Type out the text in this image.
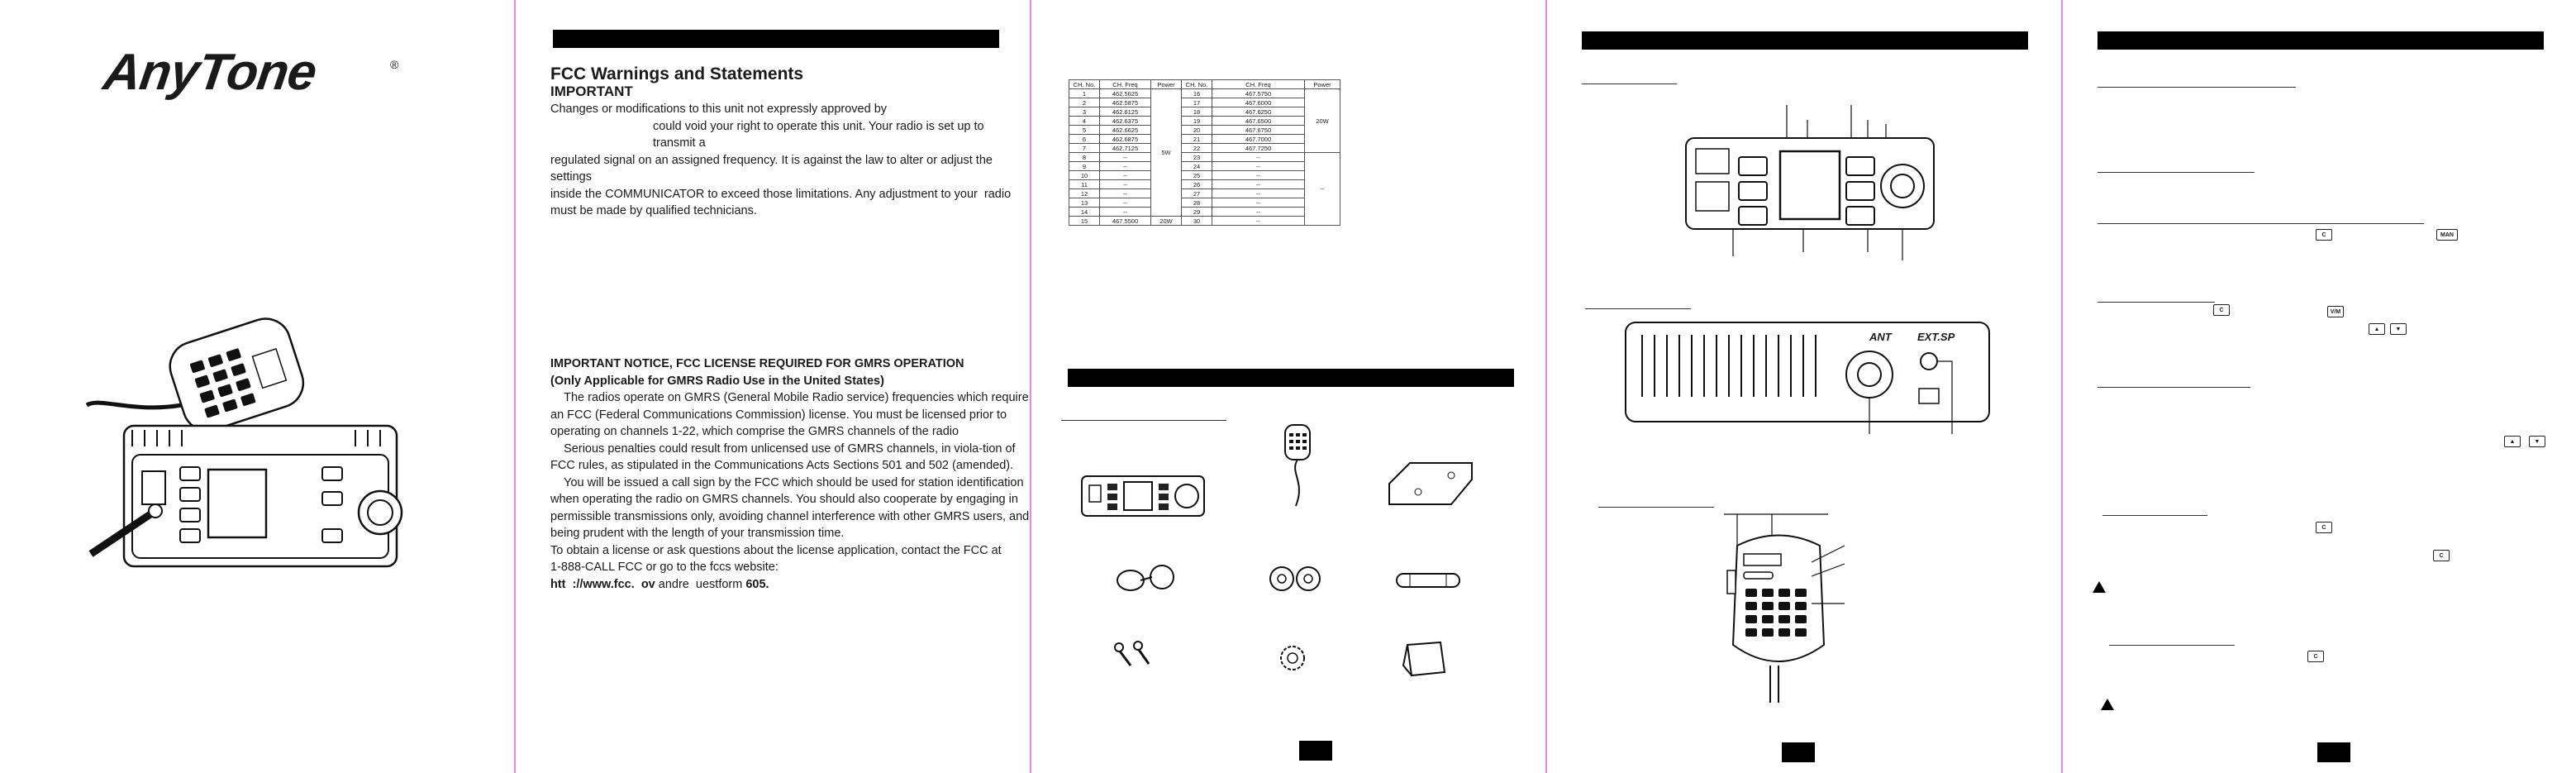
AnyTone	®	FCC Warnings and Statements
IMPORTANT

Changes or modifications to this unit not expressly approved by

could void your right to operate this unit. Your radio is set up to transmit a

regulated signal on an assigned frequency. It is against the law to alter or adjust the settings

inside the COMMUNICATOR to exceed those limitations. Any adjustment to your  radio

must be made by qualified technicians.

IMPORTANT NOTICE, FCC LICENSE REQUIRED FOR GMRS OPERATION

(Only Applicable for GMRS Radio Use in the United States)

The radios operate on GMRS (General Mobile Radio service) frequencies which require

an FCC (Federal Communications Commission) license. You must be licensed prior to

operating on channels 1-22, which comprise the GMRS channels of the radio

Serious penalties could result from unlicensed use of GMRS channels, in viola-tion of

FCC rules, as stipulated in the Communications Acts Sections 501 and 502 (amended).

You will be issued a call sign by the FCC which should be used for station identification

when operating the radio on GMRS channels. You should also cooperate by engaging in

permissible transmissions only, avoiding channel interference with other GMRS users, and

being prudent with the length of your transmission time.

To obtain a license or ask questions about the license application, contact the FCC at

1-888-CALL FCC or go to the fccs website:

htt  ://www.fcc.  ov andre  uestform 605.

CH. No.	CH. Freq	Power	CH. No.	CH. Freq	Power
1	462.5625	5W	16	467.5750	20W
2	462.5875		17	467.6000	
3	462.6125		18	467.6250	
4	462.6375		19	467.6500	
5	462.6625		20	467.6750	
6	462.6875		21	467.7000	
7	462.7125		22	467.7250	
8	--		23	--	--
9	--		24	--	
10	--		25	--	
11	--		26	--	
12	--		27	--	
13	--		28	--	
14	--		29	--	
15	467.5500	20W	30	--	
ANT EXT.SP
C	MAN
C	V/M
▲	▼
▲	▼
C
C
C
